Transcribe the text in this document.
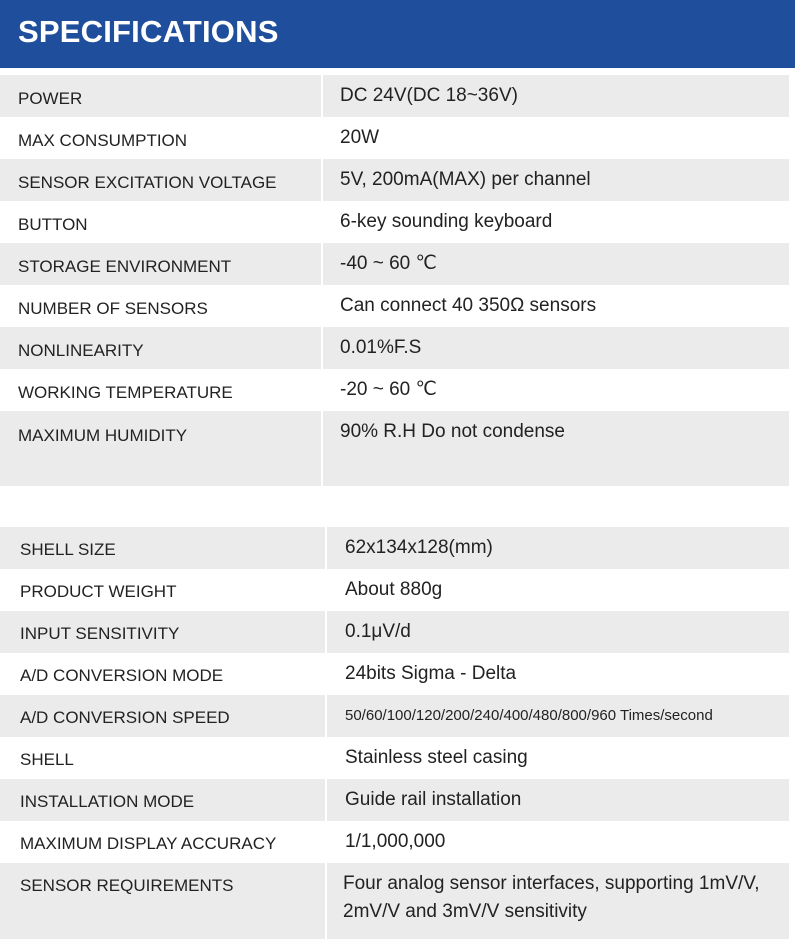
SPECIFICATIONS
POWER	DC 24V(DC 18~36V)
MAX CONSUMPTION	20W
SENSOR EXCITATION VOLTAGE	5V, 200mA(MAX) per channel
BUTTON	6-key sounding keyboard
STORAGE ENVIRONMENT	-40 ~ 60 ℃
NUMBER OF SENSORS	Can connect 40 350Ω sensors
NONLINEARITY	0.01%F.S
WORKING TEMPERATURE	-20 ~ 60 ℃
MAXIMUM HUMIDITY	90% R.H Do not condense
SHELL SIZE	62x134x128(mm)
PRODUCT WEIGHT	About 880g
INPUT SENSITIVITY	0.1μV/d
A/D CONVERSION MODE	24bits Sigma - Delta
A/D CONVERSION SPEED	50/60/100/120/200/240/400/480/800/960 Times/second
SHELL	Stainless steel casing
INSTALLATION MODE	Guide rail installation
MAXIMUM DISPLAY ACCURACY	1/1,000,000
SENSOR REQUIREMENTS	Four analog sensor interfaces, supporting 1mV/V, 2mV/V and 3mV/V sensitivity
